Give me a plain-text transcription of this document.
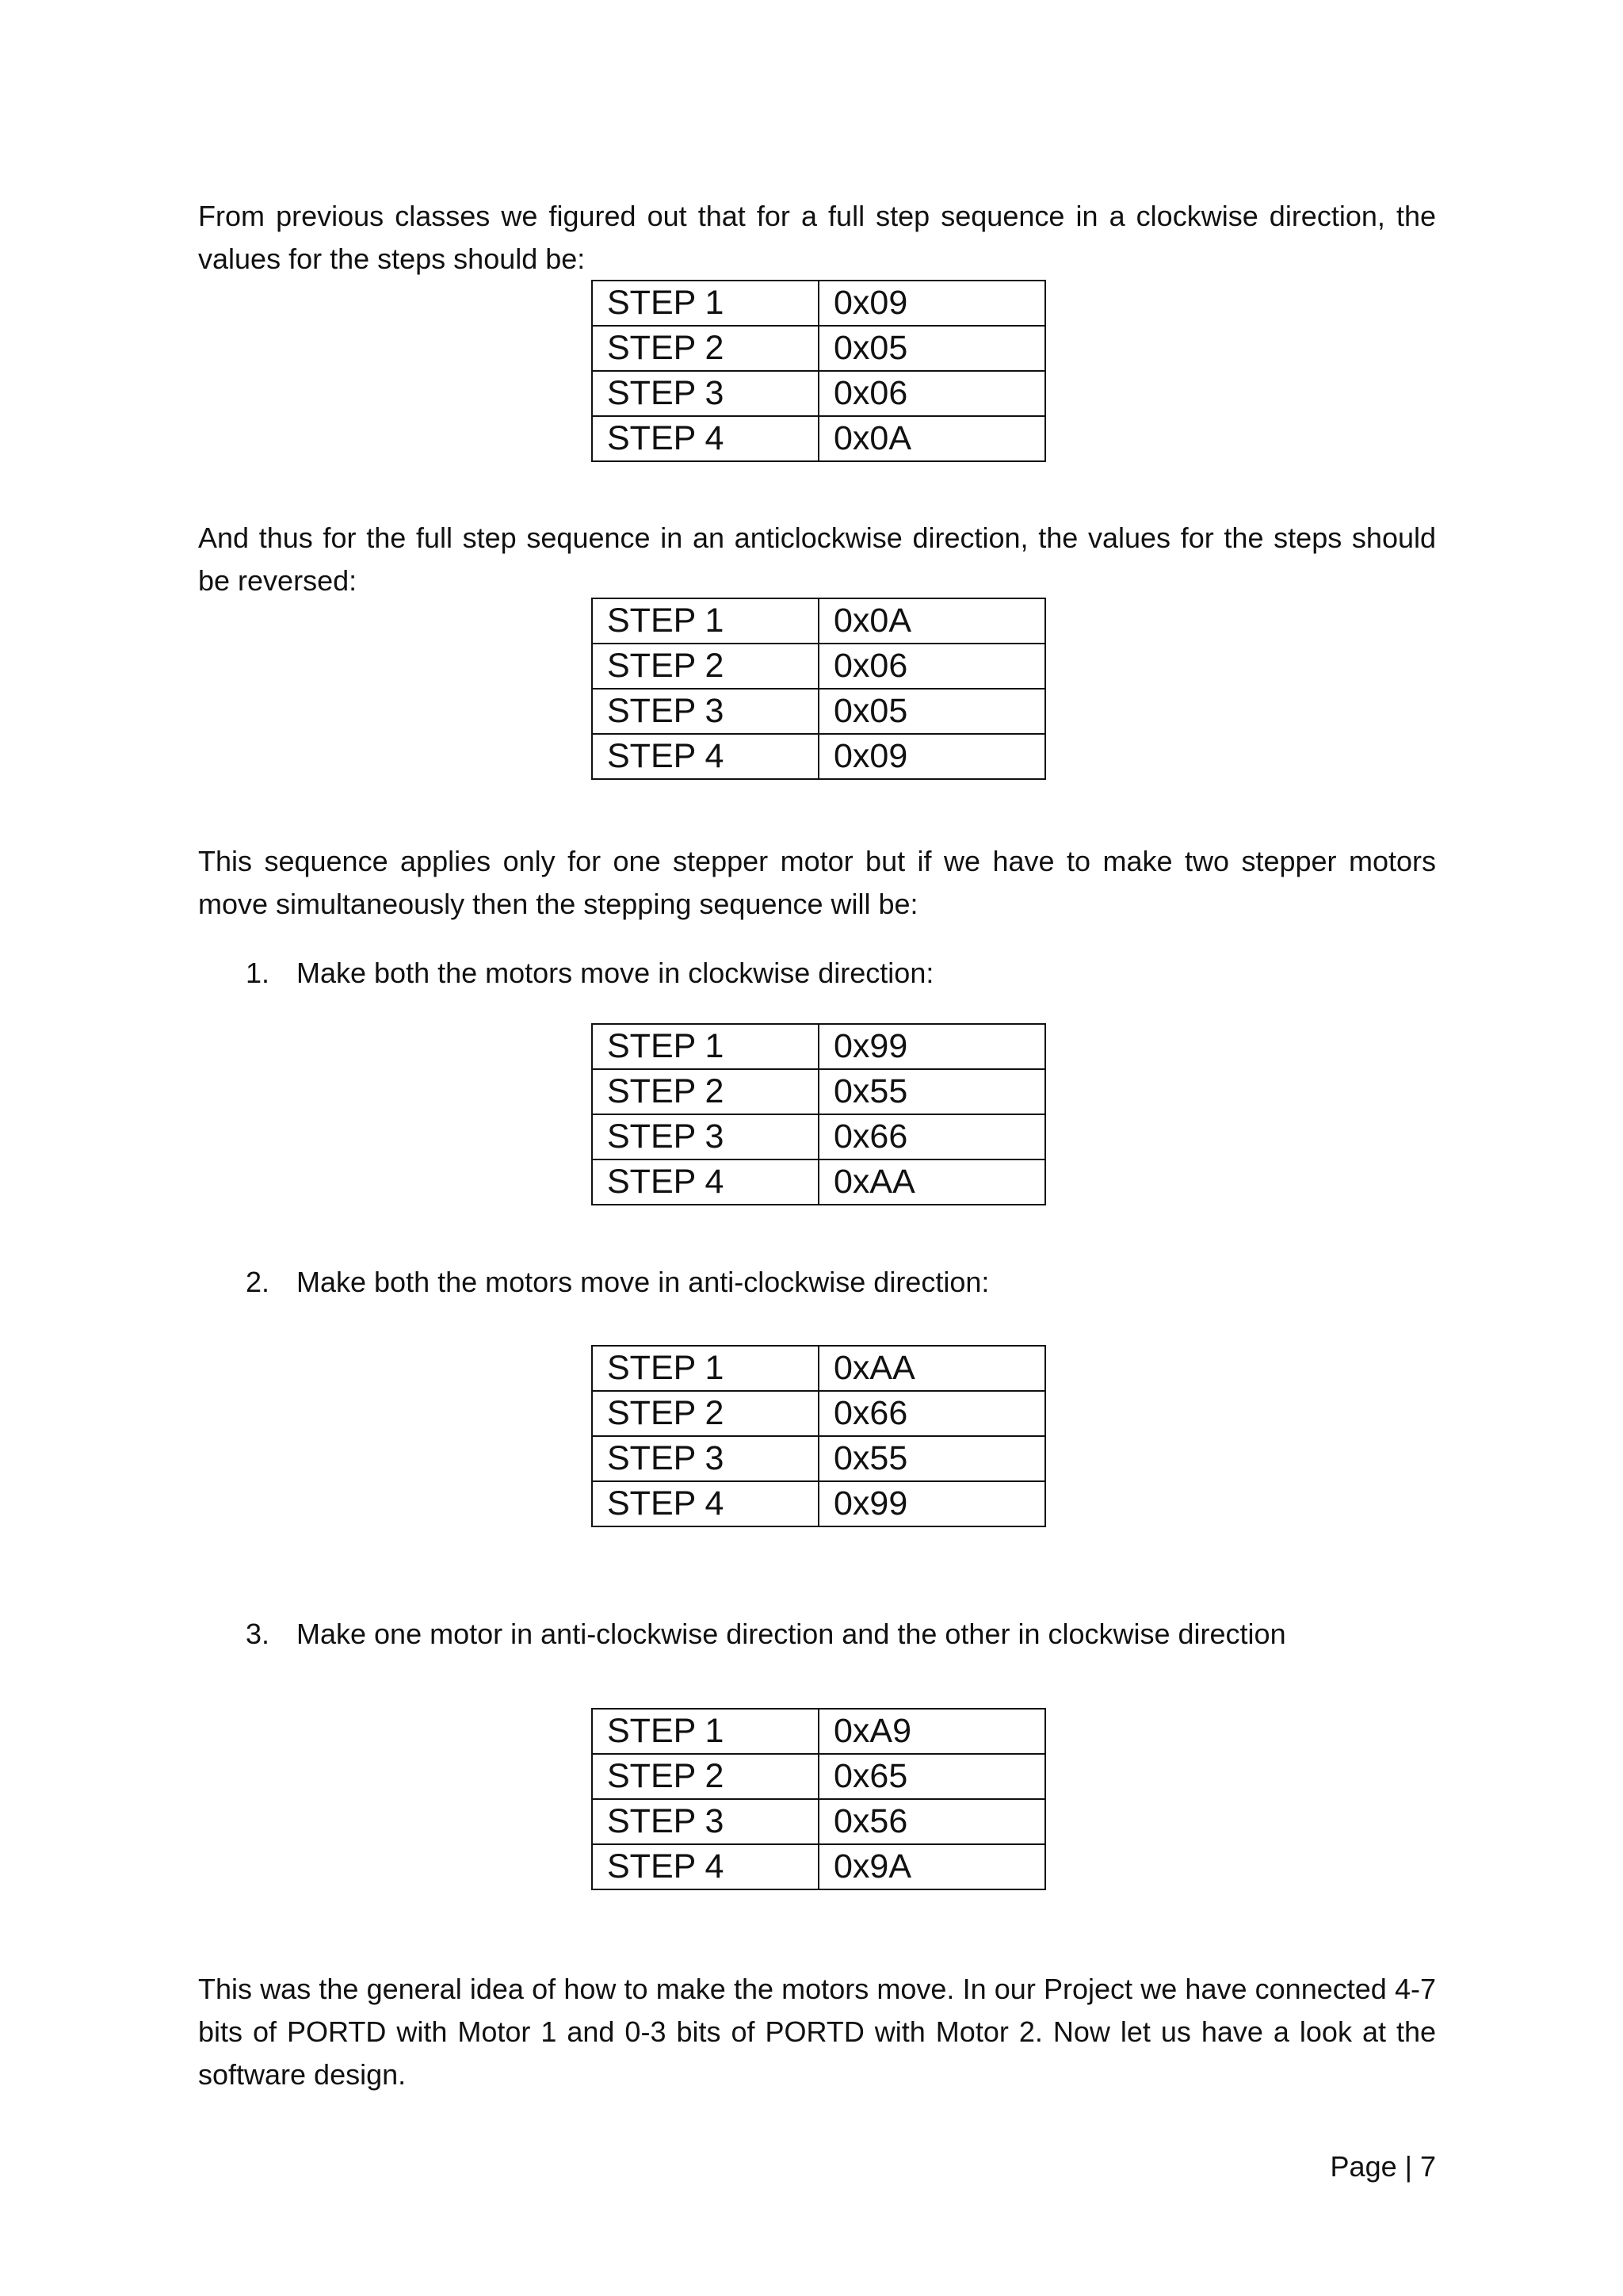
From previous classes we figured out that for a full step sequence in a clockwise direction, the values for the steps should be:

STEP 1	0x09
STEP 2	0x05
STEP 3	0x06
STEP 4	0x0A

And thus for the full step sequence in an anticlockwise direction, the values for the steps should be reversed:

STEP 1	0x0A
STEP 2	0x06
STEP 3	0x05
STEP 4	0x09

This sequence applies only for one stepper motor but if we have to make two stepper motors move simultaneously then the stepping sequence will be:

1. Make both the motors move in clockwise direction:

STEP 1	0x99
STEP 2	0x55
STEP 3	0x66
STEP 4	0xAA

2. Make both the motors move in anti-clockwise direction:

STEP 1	0xAA
STEP 2	0x66
STEP 3	0x55
STEP 4	0x99

3. Make one motor in anti-clockwise direction and the other in clockwise direction

STEP 1	0xA9
STEP 2	0x65
STEP 3	0x56
STEP 4	0x9A

This was the general idea of how to make the motors move. In our Project we have connected 4-7 bits of PORTD with Motor 1 and 0-3 bits of PORTD with Motor 2. Now let us have a look at the software design.

Page | 7
